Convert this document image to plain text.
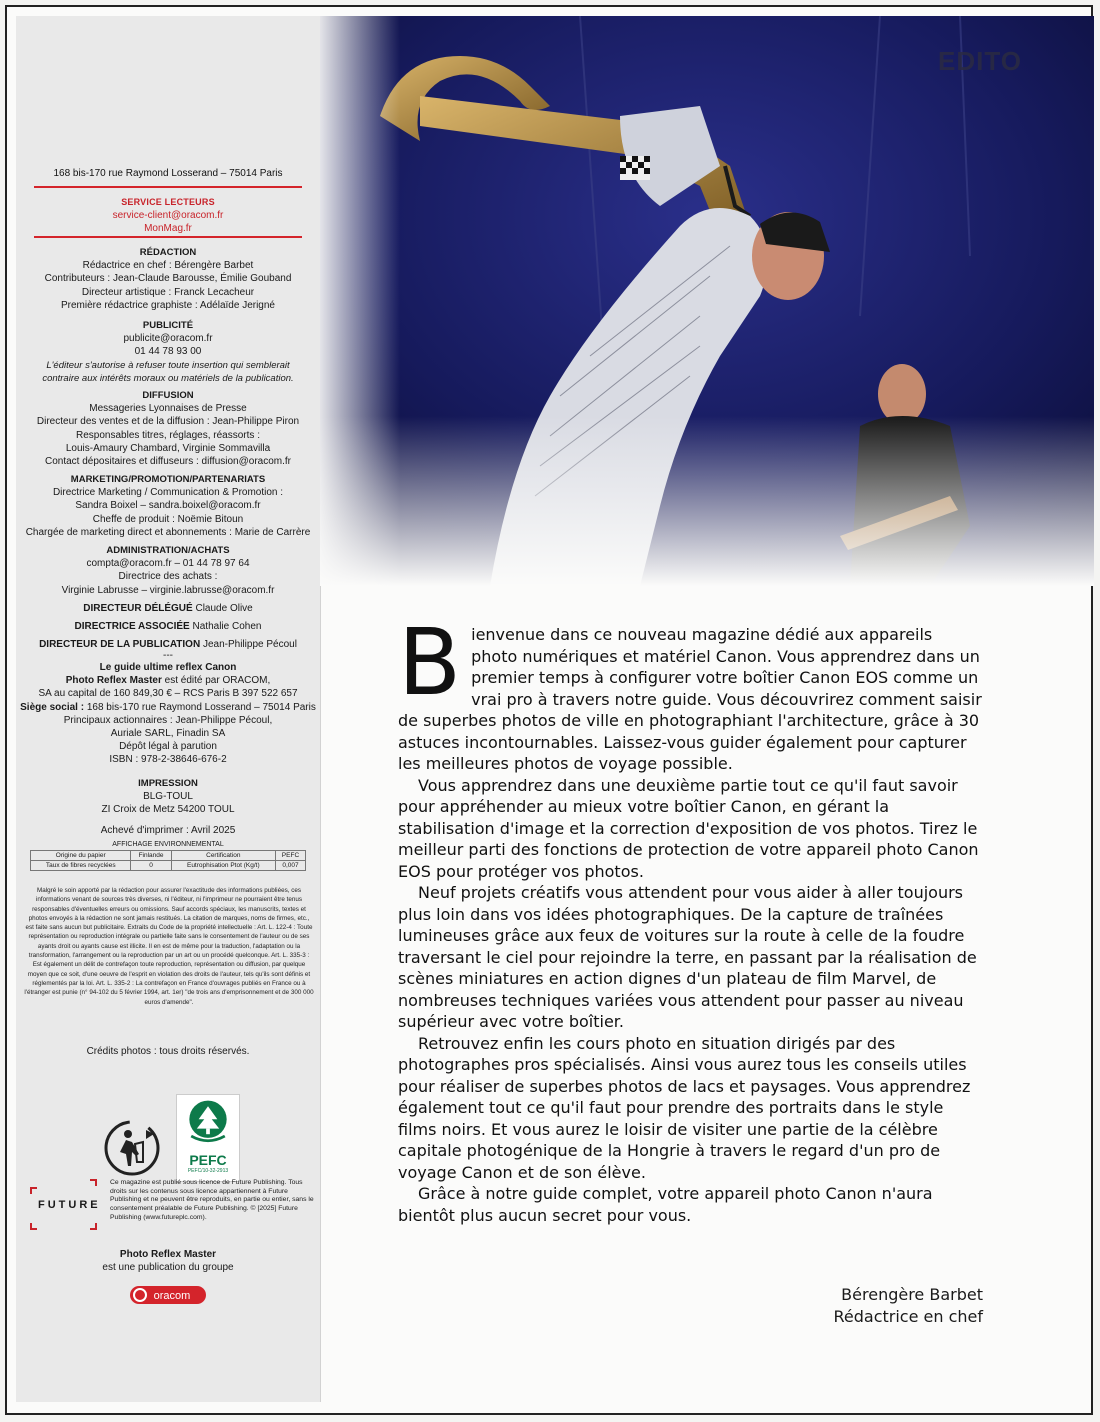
168 bis-170 rue Raymond Losserand – 75014 Paris
SERVICE LECTEURS
service-client@oracom.fr
MonMag.fr
RÉDACTION
Rédactrice en chef : Bérengère Barbet
Contributeurs : Jean-Claude Barousse, Émilie Gouband
Directeur artistique : Franck Lecacheur
Première rédactrice graphiste : Adélaïde Jerigné
PUBLICITÉ
publicite@oracom.fr
01 44 78 93 00
L'éditeur s'autorise à refuser toute insertion qui semblerait contraire aux intérêts moraux ou matériels de la publication.
DIFFUSION
Messageries Lyonnaises de Presse
Directeur des ventes et de la diffusion : Jean-Philippe Piron
Responsables titres, réglages, réassorts :
Louis-Amaury Chambard, Virginie Sommavilla
Contact dépositaires et diffuseurs : diffusion@oracom.fr
MARKETING/PROMOTION/PARTENARIATS
Directrice Marketing / Communication & Promotion :
Sandra Boixel – sandra.boixel@oracom.fr
Cheffe de produit : Noëmie Bitoun
Chargée de marketing direct et abonnements : Marie de Carrère
ADMINISTRATION/ACHATS
compta@oracom.fr – 01 44 78 97 64
Directrice des achats :
Virginie Labrusse – virginie.labrusse@oracom.fr
DIRECTEUR DÉLÉGUÉ Claude Olive
DIRECTRICE ASSOCIÉE Nathalie Cohen
DIRECTEUR DE LA PUBLICATION Jean-Philippe Pécoul
---
Le guide ultime reflex Canon
Photo Reflex Master est édité par ORACOM,
SA au capital de 160 849,30 € – RCS Paris B 397 522 657
Siège social : 168 bis-170 rue Raymond Losserand – 75014 Paris
Principaux actionnaires : Jean-Philippe Pécoul,
Auriale SARL, Finadin SA
Dépôt légal à parution
ISBN : 978-2-38646-676-2
IMPRESSION
BLG-TOUL
ZI Croix de Metz 54200 TOUL
Achevé d'imprimer : Avril 2025
AFFICHAGE ENVIRONNEMENTAL
Origine du papier	Finlande	Certification	PEFC
Taux de fibres recyclées	0	Eutrophisation Ptot (Kg/t)	0,007
Malgré le soin apporté par la rédaction pour assurer l'exactitude des informations publiées, ces informations venant de sources très diverses, ni l'éditeur, ni l'imprimeur ne pourraient être tenus responsables d'éventuelles erreurs ou omissions. Sauf accords spéciaux, les manuscrits, textes et photos envoyés à la rédaction ne sont jamais restitués. La citation de marques, noms de firmes, etc., est faite sans aucun but publicitaire. Extraits du Code de la propriété intellectuelle : Art. L. 122-4 : Toute représentation ou reproduction intégrale ou partielle faite sans le consentement de l'auteur ou de ses ayants droit ou ayants cause est illicite. Il en est de même pour la traduction, l'adaptation ou la transformation, l'arrangement ou la reproduction par un art ou un procédé quelconque. Art. L. 335-3 : Est également un délit de contrefaçon toute reproduction, représentation ou diffusion, par quelque moyen que ce soit, d'une oeuvre de l'esprit en violation des droits de l'auteur, tels qu'ils sont définis et réglementés par la loi. Art. L. 335-2 : La contrefaçon en France d'ouvrages publiés en France ou à l'étranger est punie (n° 94-102 du 5 février 1994, art. 1er) "de trois ans d'emprisonnement et de 300 000 euros d'amende".
Crédits photos : tous droits réservés.
PEFC
PEFC/10-32-2913
FUTURE
Ce magazine est publié sous licence de Future Publishing. Tous droits sur les contenus sous licence appartiennent à Future Publishing et ne peuvent être reproduits, en partie ou entier, sans le consentement préalable de Future Publishing. © [2025] Future Publishing (www.futureplc.com).
Photo Reflex Master
est une publication du groupe
oracom
EDITO

Bienvenue dans ce nouveau magazine dédié aux appareils photo numériques et matériel Canon. Vous apprendrez dans un premier temps à configurer votre boîtier Canon EOS comme un vrai pro à travers notre guide. Vous découvrirez comment saisir de superbes photos de ville en photographiant l'architecture, grâce à 30 astuces incontournables. Laissez-vous guider également pour capturer les meilleures photos de voyage possible.

Vous apprendrez dans une deuxième partie tout ce qu'il faut savoir pour appréhender au mieux votre boîtier Canon, en gérant la stabilisation d'image et la correction d'exposition de vos photos. Tirez le meilleur parti des fonctions de protection de votre appareil photo Canon EOS pour protéger vos photos.

Neuf projets créatifs vous attendent pour vous aider à aller toujours plus loin dans vos idées photographiques. De la capture de traînées lumineuses grâce aux feux de voitures sur la route à celle de la foudre traversant le ciel pour rejoindre la terre, en passant par la réalisation de scènes miniatures en action dignes d'un plateau de film Marvel, de nombreuses techniques variées vous attendent pour passer au niveau supérieur avec votre boîtier.

Retrouvez enfin les cours photo en situation dirigés par des photographes pros spécialisés. Ainsi vous aurez tous les conseils utiles pour réaliser de superbes photos de lacs et paysages. Vous apprendrez également tout ce qu'il faut pour prendre des portraits dans le style films noirs. Et vous aurez le loisir de visiter une partie de la célèbre capitale photogénique de la Hongrie à travers le regard d'un pro de voyage Canon et de son élève.

Grâce à notre guide complet, votre appareil photo Canon n'aura bientôt plus aucun secret pour vous.

Bérengère Barbet
Rédactrice en chef
